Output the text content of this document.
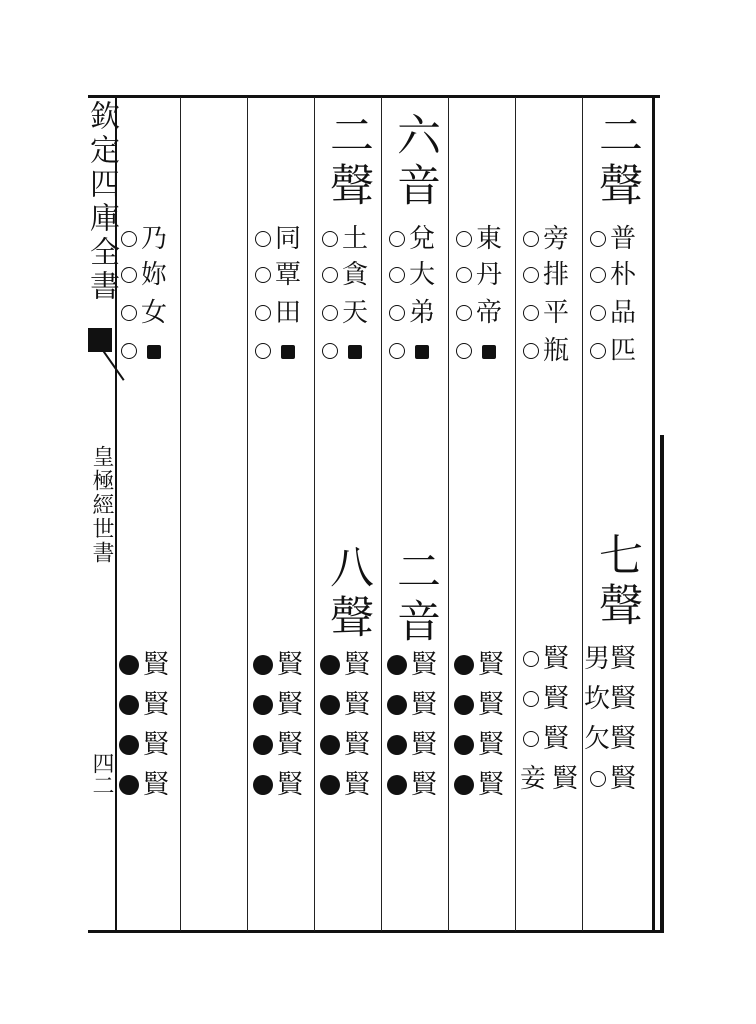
欽定四庫全書
皇極經世書
四二
二聲
普
朴
品
匹
七聲
賢
賢
賢
賢
旁
排
平
瓶
男
坎
欠
賢
賢
賢
妾 賢
東
丹
帝
賢
賢
賢
賢
六音
兌
大
弟
二音
賢
賢
賢
賢
二聲
土
貪
天
八聲
賢
賢
賢
賢
同
覃
田
賢
賢
賢
賢
乃
妳
女
賢
賢
賢
賢
